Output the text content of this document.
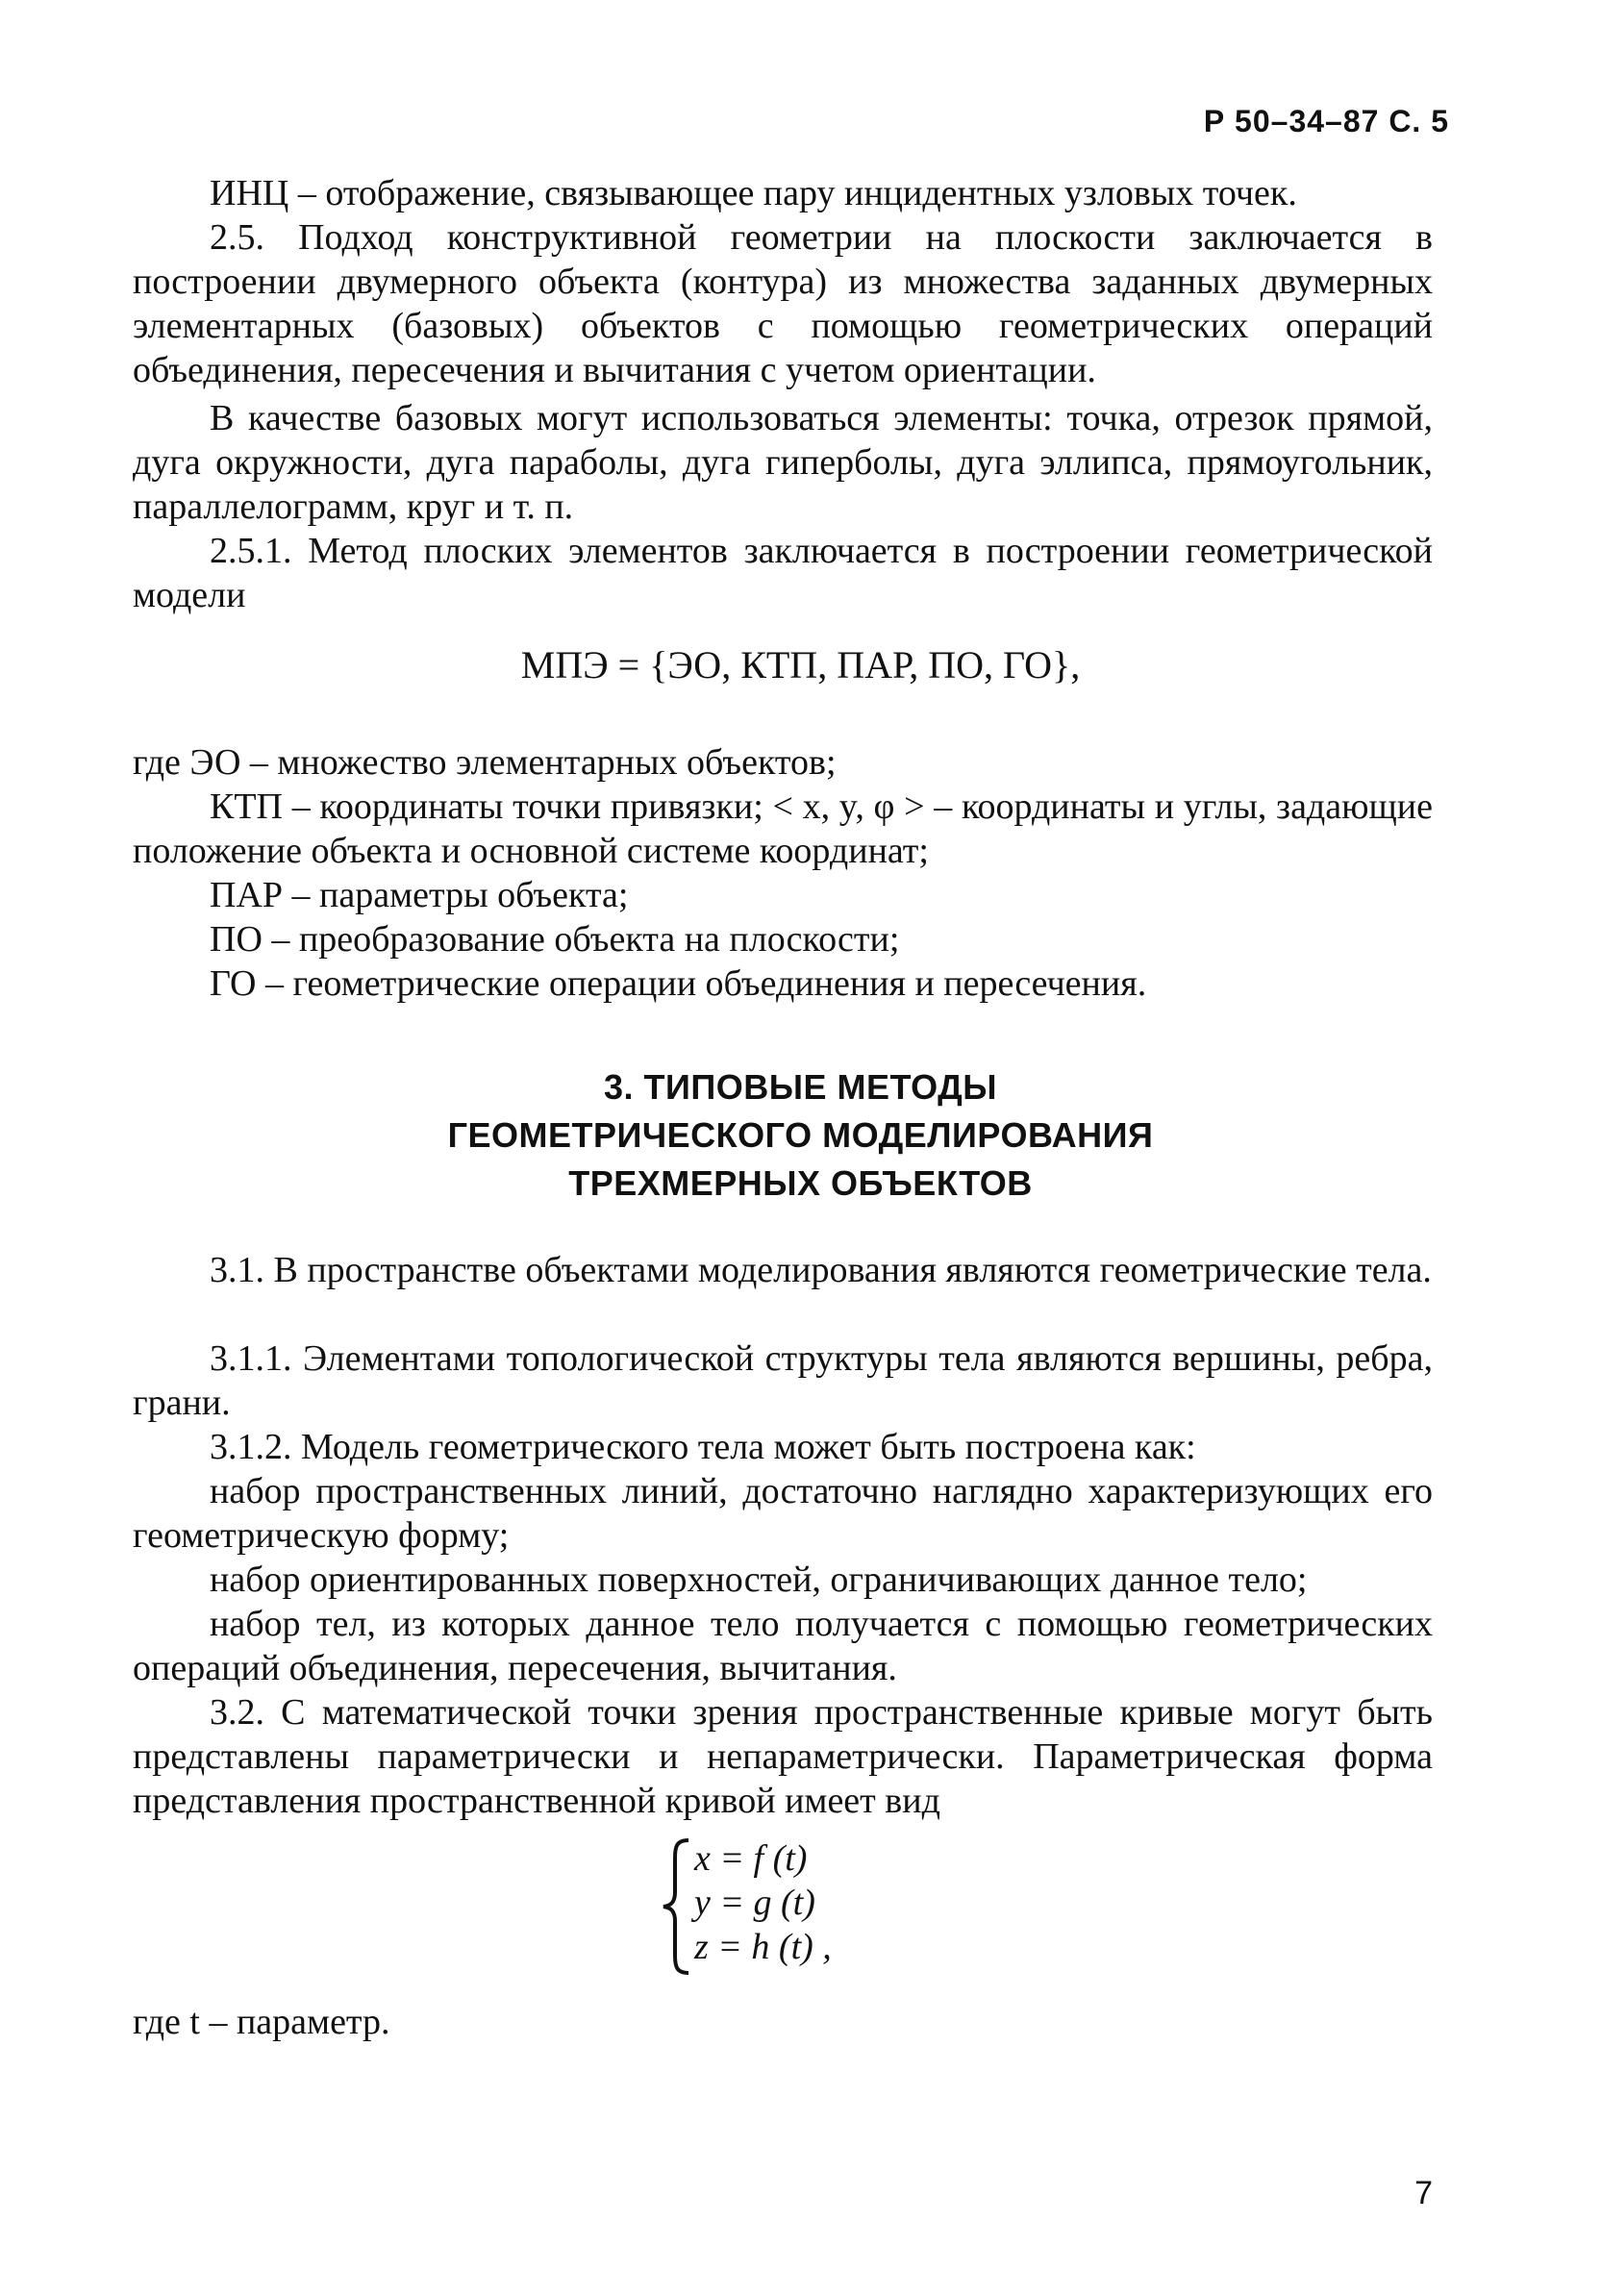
Р 50–34–87 С. 5

ИНЦ – отображение, связывающее пару инцидентных узловых точек.

2.5. Подход конструктивной геометрии на плоскости заключается в построении двумерного объекта (контура) из множества заданных двумерных элементарных (базовых) объектов с помощью геометрических операций объединения, пересечения и вычитания с учетом ориентации.

В качестве базовых могут использоваться элементы: точка, отрезок прямой, дуга окружности, дуга параболы, дуга гиперболы, дуга эллипса, прямоугольник, параллелограмм, круг и т. п.

2.5.1. Метод плоских элементов заключается в построении геометрической модели

МПЭ = {ЭО, КТП, ПАР, ПО, ГО},

где ЭО – множество элементарных объектов;

КТП – координаты точки привязки; < x, y, φ > – координаты и углы, задающие положение объекта и основной системе координат;

ПАР – параметры объекта;

ПО – преобразование объекта на плоскости;

ГО – геометрические операции объединения и пересечения.

3. ТИПОВЫЕ МЕТОДЫ
ГЕОМЕТРИЧЕСКОГО МОДЕЛИРОВАНИЯ
ТРЕХМЕРНЫХ ОБЪЕКТОВ

3.1. В пространстве объектами моделирования являются геометрические тела.

3.1.1. Элементами топологической структуры тела являются вершины, ребра, грани.

3.1.2. Модель геометрического тела может быть построена как:

набор пространственных линий, достаточно наглядно характеризующих его геометрическую форму;

набор ориентированных поверхностей, ограничивающих данное тело;

набор тел, из которых данное тело получается с помощью геометрических операций объединения, пересечения, вычитания.

3.2. С математической точки зрения пространственные кривые могут быть представлены параметрически и непараметрически. Параметрическая форма представления пространственной кривой имеет вид

x = f (t)
y = g (t)
z = h (t) ,

где t – параметр.

7
